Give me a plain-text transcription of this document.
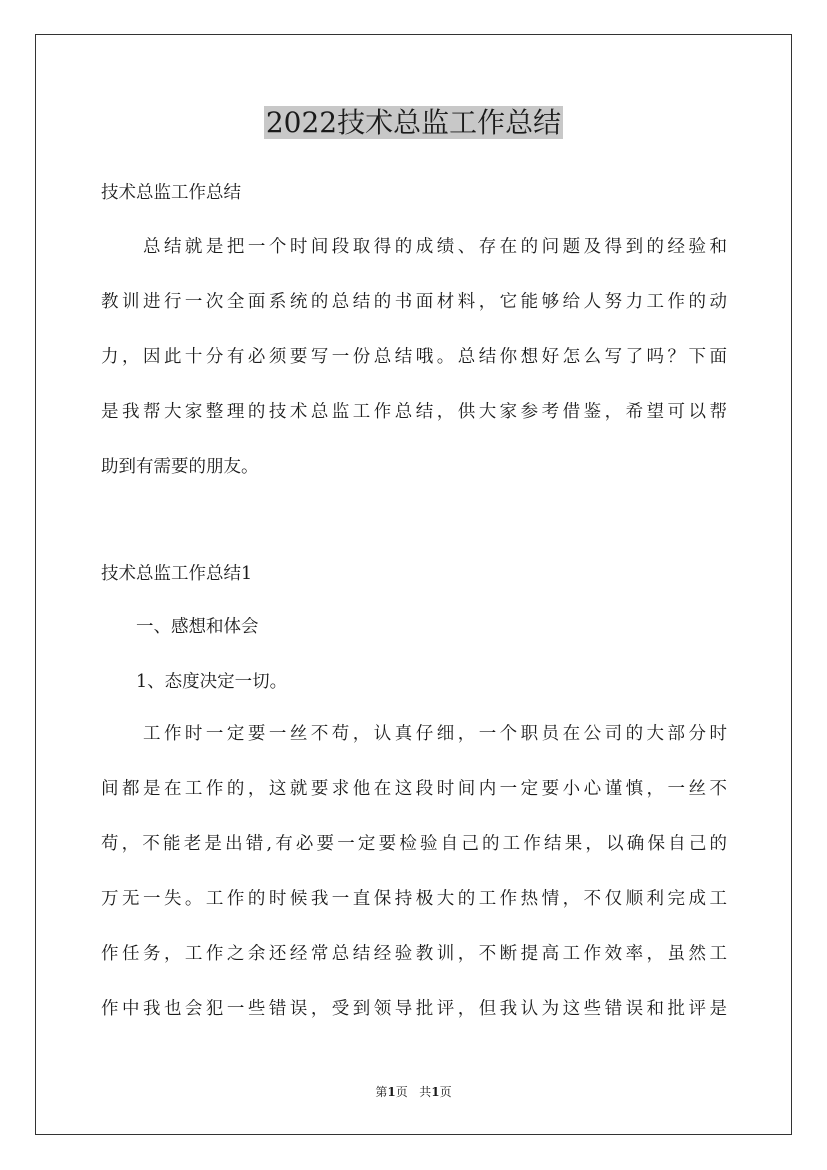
2022技术总监工作总结

技术总监工作总结

　　总结就是把一个时间段取得的成绩、存在的问题及得到的经验和
教训进行一次全面系统的总结的书面材料，它能够给人努力工作的动
力，因此十分有必须要写一份总结哦。总结你想好怎么写了吗？下面
是我帮大家整理的技术总监工作总结，供大家参考借鉴，希望可以帮
助到有需要的朋友。

技术总监工作总结1

　　一、感想和体会

　　1、态度决定一切。

　　工作时一定要一丝不苟，认真仔细，一个职员在公司的大部分时
间都是在工作的，这就要求他在这段时间内一定要小心谨慎，一丝不
苟，不能老是出错,有必要一定要检验自己的工作结果，以确保自己的
万无一失。工作的时候我一直保持极大的工作热情，不仅顺利完成工
作任务，工作之余还经常总结经验教训，不断提高工作效率，虽然工
作中我也会犯一些错误，受到领导批评，但我认为这些错误和批评是
第1页 共1页
